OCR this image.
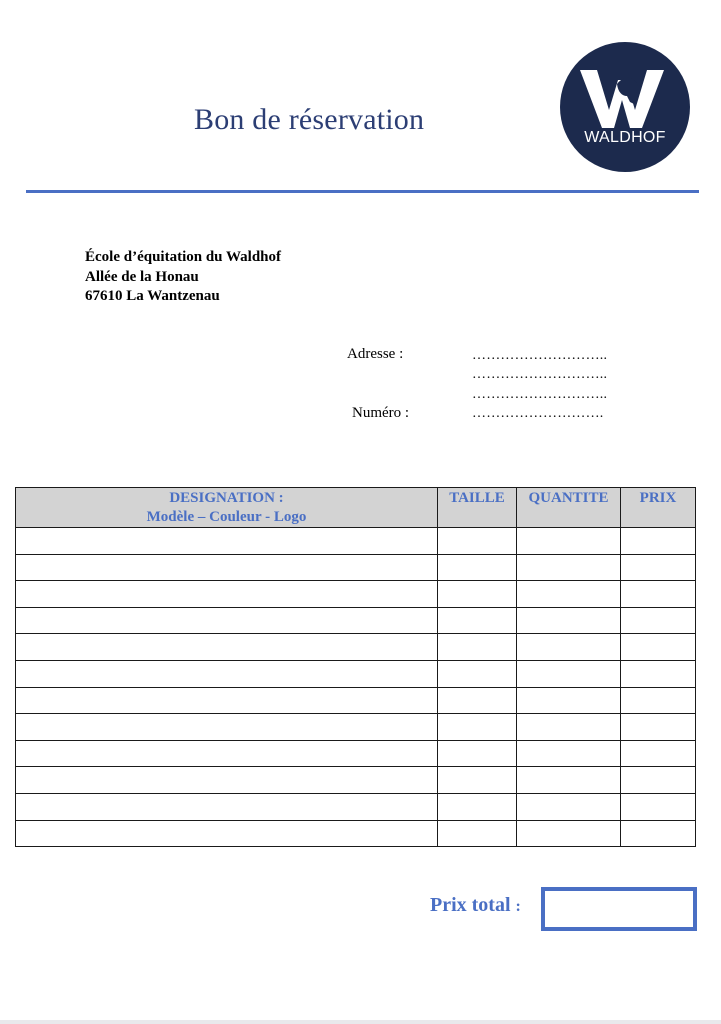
Bon de réservation
WALDHOF
École d’équitation du Waldhof
Allée de la Honau
67610 La Wantzenau
Adresse :	………………………..
………………………..
………………………..
Numéro :	……………………….
DESIGNATION :
Modèle – Couleur - Logo	TAILLE	QUANTITE	PRIX

Prix total :
